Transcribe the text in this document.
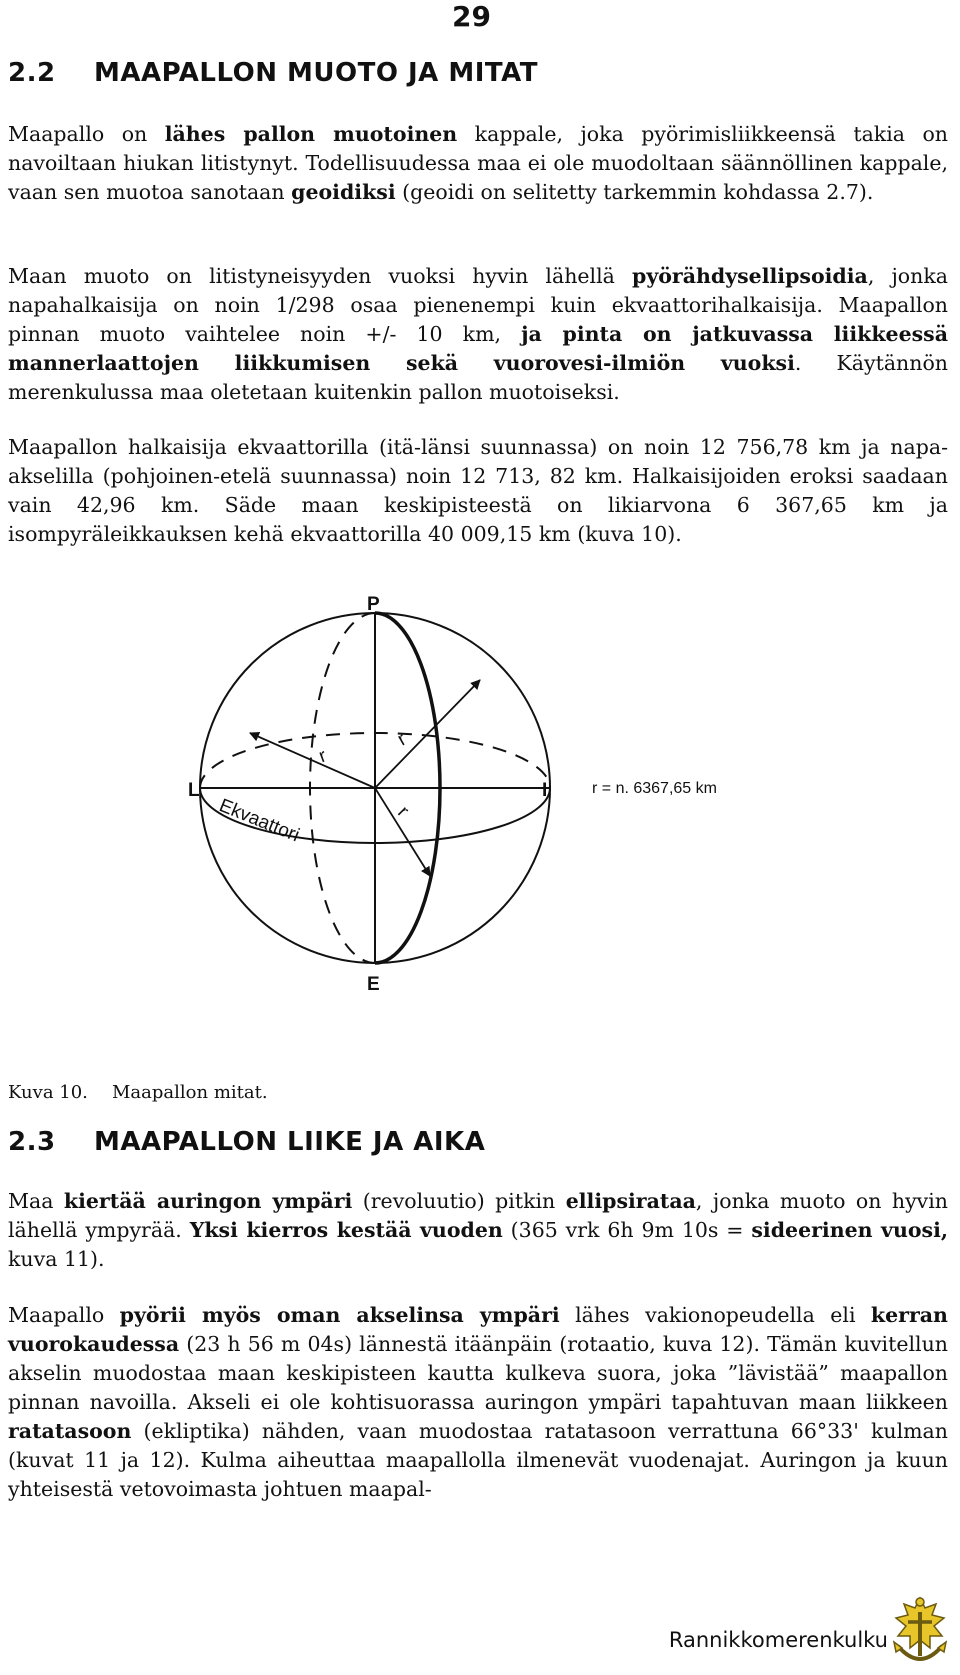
29
2.2 MAAPALLON MUOTO JA MITAT

Maapallo on lähes pallon muotoinen kappale, joka pyörimisliikkeensä takia on navoiltaan hiukan litistynyt. Todellisuudessa maa ei ole muodoltaan säännöllinen kappale, vaan sen muotoa sanotaan geoidiksi (geoidi on selitetty tarkemmin kohdassa 2.7).

Maan muoto on litistyneisyyden vuoksi hyvin lähellä pyörähdysellipsoidia, jonka napahalkaisija on noin 1/298 osaa pienenempi kuin ekvaattorihalkaisija. Maapallon pinnan muoto vaihtelee noin +/- 10 km, ja pinta on jatkuvassa liikkeessä mannerlaattojen liikkumisen sekä vuorovesi-ilmiön vuoksi. Käytännön merenkulussa maa oletetaan kuitenkin pallon muotoiseksi.

Maapallon halkaisija ekvaattorilla (itä-länsi suunnassa) on noin 12 756,78 km ja napa-akselilla (pohjoinen-etelä suunnassa) noin 12 713, 82 km. Halkaisijoiden eroksi saadaan vain 42,96 km. Säde maan keskipisteestä on likiarvona 6 367,65 km ja isompyräleikkauksen kehä ekvaattorilla 40 009,15 km (kuva 10).

P
E
L	I
r
r
r
Ekvaattori
r = n. 6367,65 km
Kuva 10. Maapallon mitat.
2.3 MAAPALLON LIIKE JA AIKA

Maa kiertää auringon ympäri (revoluutio) pitkin ellipsirataa, jonka muoto on hyvin lähellä ympyrää. Yksi kierros kestää vuoden (365 vrk 6h 9m 10s = sideerinen vuosi, kuva 11).

Maapallo pyörii myös oman akselinsa ympäri lähes vakionopeudella eli kerran vuorokaudessa (23 h 56 m 04s) lännestä itäänpäin (rotaatio, kuva 12). Tämän kuvitellun akselin muodostaa maan keskipisteen kautta kulkeva suora, joka ”lävistää” maapallon pinnan navoilla. Akseli ei ole kohtisuorassa auringon ympäri tapahtuvan maan liikkeen ratatasoon (ekliptika) nähden, vaan muodostaa ratatasoon verrattuna 66°33' kulman (kuvat 11 ja 12). Kulma aiheuttaa maapallolla ilmenevät vuodenajat. Auringon ja kuun yhteisestä vetovoimasta johtuen maapal-

Rannikkomerenkulku
